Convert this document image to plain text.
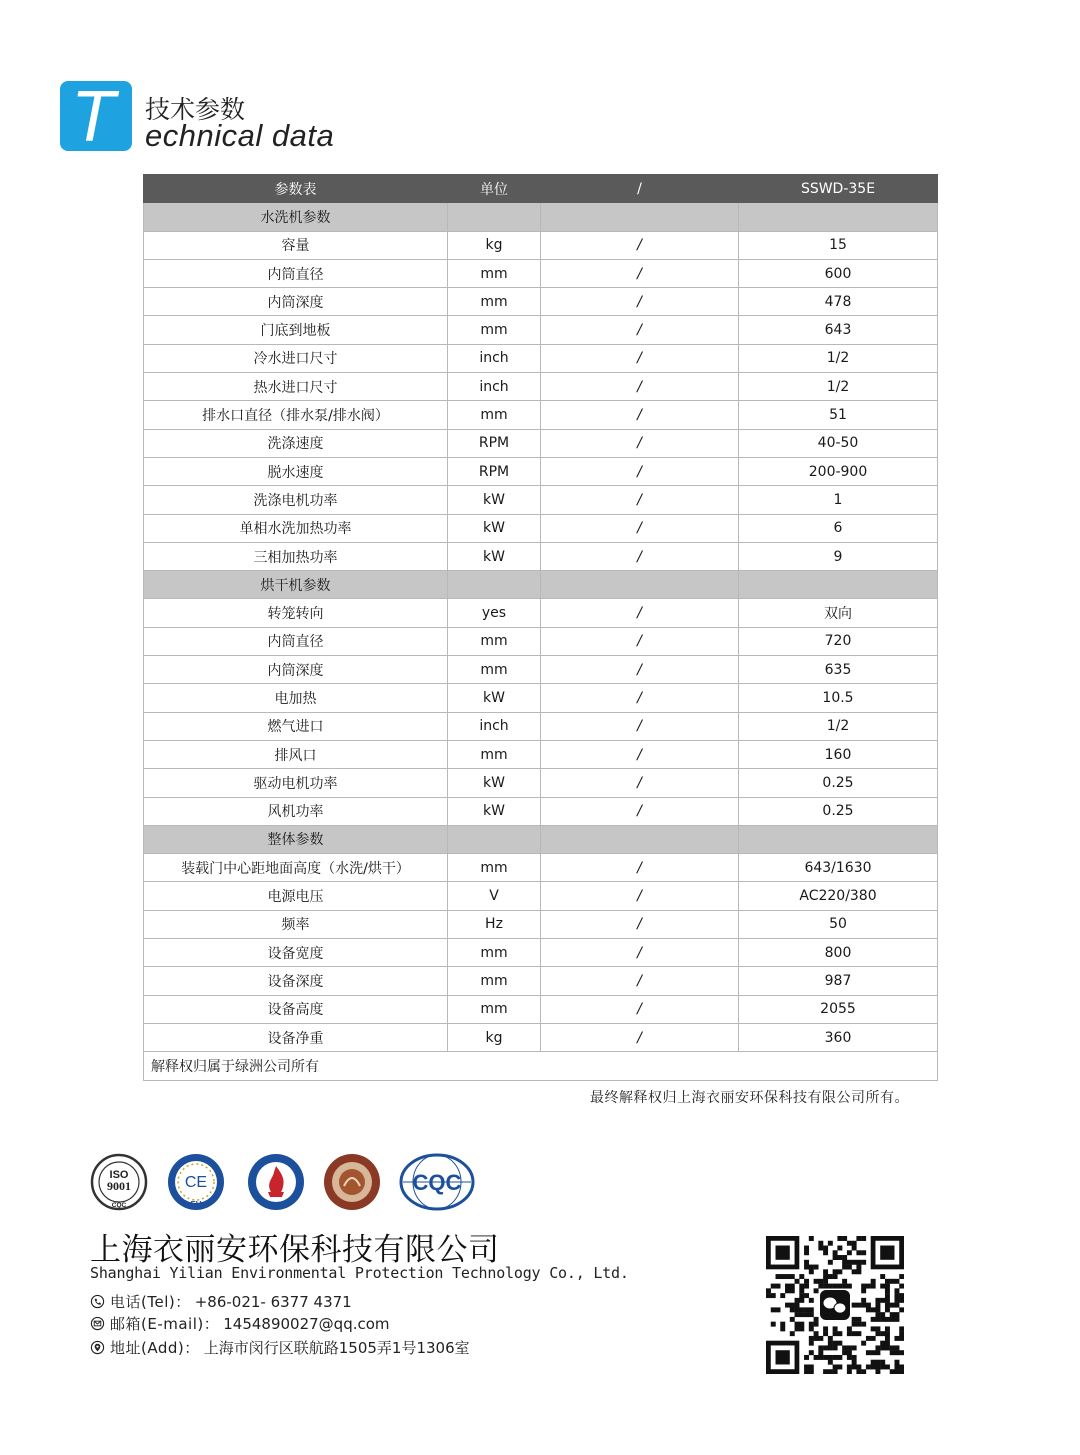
T 技术参数
echnical data
参数表	单位	/	SSWD-35E
水洗机参数			
容量	kg	/	15
内筒直径	mm	/	600
内筒深度	mm	/	478
门底到地板	mm	/	643
冷水进口尺寸	inch	/	1/2
热水进口尺寸	inch	/	1/2
排水口直径（排水泵/排水阀）	mm	/	51
洗涤速度	RPM	/	40-50
脱水速度	RPM	/	200-900
洗涤电机功率	kW	/	1
单相水洗加热功率	kW	/	6
三相加热功率	kW	/	9
烘干机参数			
转笼转向	yes	/	双向
内筒直径	mm	/	720
内筒深度	mm	/	635
电加热	kW	/	10.5
燃气进口	inch	/	1/2
排风口	mm	/	160
驱动电机功率	kW	/	0.25
风机功率	kW	/	0.25
整体参数			
装载门中心距地面高度（水洗/烘干）	mm	/	643/1630
电源电压	V	/	AC220/380
频率	Hz	/	50
设备宽度	mm	/	800
设备深度	mm	/	987
设备高度	mm	/	2055
设备净重	kg	/	360
解释权归属于绿洲公司所有			
最终解释权归上海衣丽安环保科技有限公司所有。
ISO
9001
CQC
CE
EU
CQC
上海衣丽安环保科技有限公司
Shanghai Yilian Environmental Protection Technology Co., Ltd.
电话(Tel)： +86-021- 6377 4371
邮箱(E-mail)： 1454890027@qq.com
地址(Add)： 上海市闵行区联航路1505弄1号1306室
